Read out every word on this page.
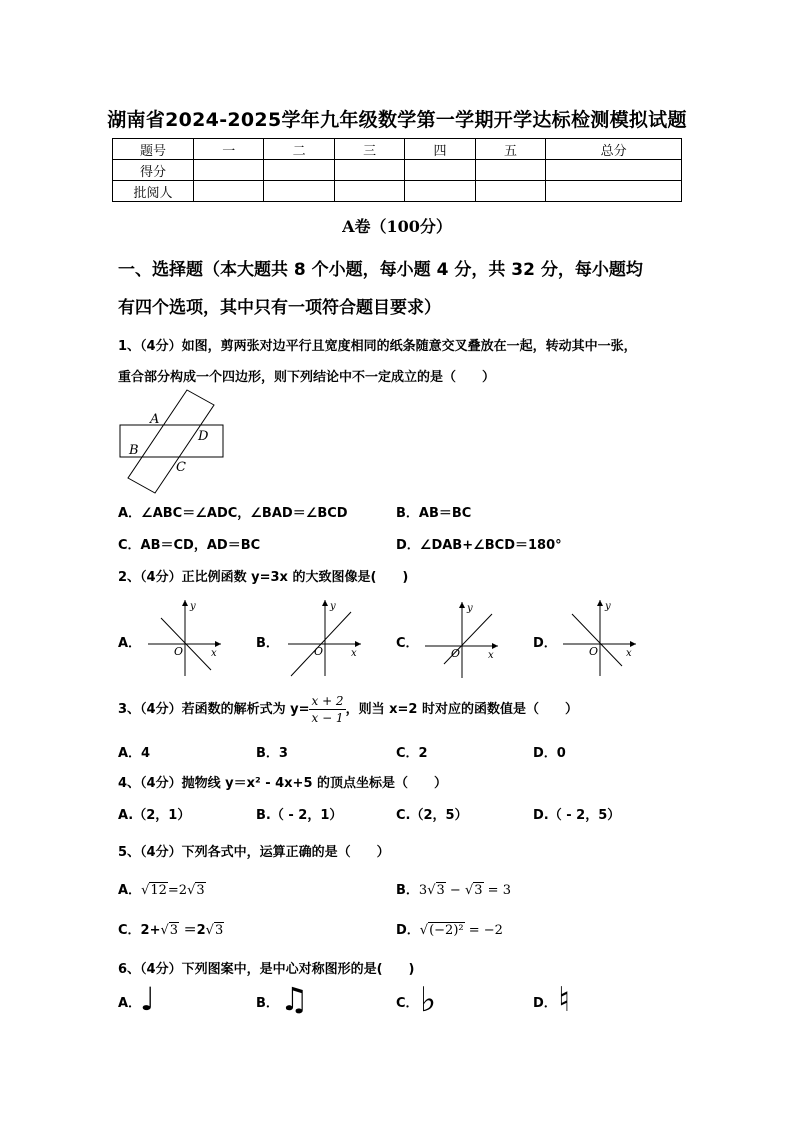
湖南省2024-2025学年九年级数学第一学期开学达标检测模拟试题
题号	一	二	三	四	五	总分
得分						
批阅人						
A卷（100分）
一、选择题（本大题共 8 个小题，每小题 4 分，共 32 分，每小题均
有四个选项，其中只有一项符合题目要求）
1、（4分）如图，剪两张对边平行且宽度相同的纸条随意交叉叠放在一起，转动其中一张，
重合部分构成一个四边形，则下列结论中不一定成立的是（　　）
A
D
B
C
A．∠ABC＝∠ADC，∠BAD＝∠BCD	B．AB＝BC
C．AB＝CD，AD＝BC	D．∠DAB+∠BCD＝180°
2、（4分）正比例函数 y=3x 的大致图像是(　　)
A．	B．	C．	D．
y
x
O
y
x
O
y
x
O
y
x
O
3、（4分）若函数的解析式为 $y= \frac{x + 2}{x - 1}$ ，则当 x=2 时对应的函数值是（　　）
A．4	B．3	C．2	D．0
4、（4分）抛物线 y＝x² - 4x+5 的顶点坐标是（　　）
A.（2，1）	B.（ - 2，1）	C.（2，5）	D.（ - 2，5）
5、（4分）下列各式中，运算正确的是（　　）
A．√12=2√3	B．3√3 − √3 = 3
C．2+√3 ＝2√3	D．√(−2)² = −2
6、（4分）下列图案中，是中心对称图形的是(　　)
A．	B．	C．	D．
♩	♫	♭	♮
